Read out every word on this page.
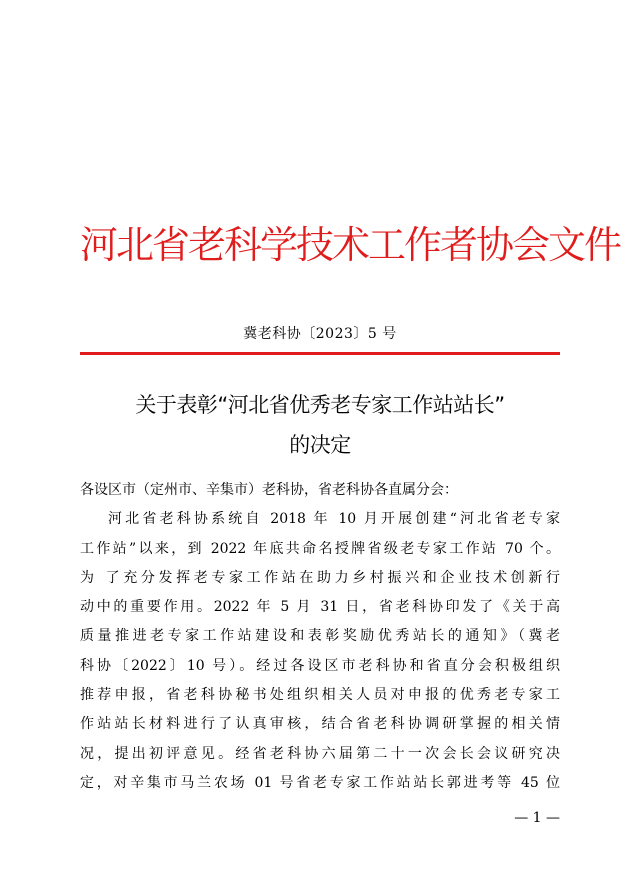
河北省老科学技术工作者协会文件
冀老科协〔2023〕5 号
关于表彰“河北省优秀老专家工作站站长”
的决定
各设区市（定州市、辛集市）老科协，省老科协各直属分会：
河北省老科协系统自 2018 年 10 月开展创建“河北省老专家
工作站”以来，到 2022 年底共命名授牌省级老专家工作站 70 个。
为 了充分发挥老专家工作站在助力乡村振兴和企业技术创新行
动中的重要作用。2022 年 5 月 31 日，省老科协印发了《关于高
质量推进老专家工作站建设和表彰奖励优秀站长的通知》（冀老
科协〔2022〕10 号）。经过各设区市老科协和省直分会积极组织
推荐申报，省老科协秘书处组织相关人员对申报的优秀老专家工
作站站长材料进行了认真审核，结合省老科协调研掌握的相关情
况，提出初评意见。经省老科协六届第二十一次会长会议研究决
定，对辛集市马兰农场 01 号省老专家工作站站长郭进考等 45 位
— 1 —
